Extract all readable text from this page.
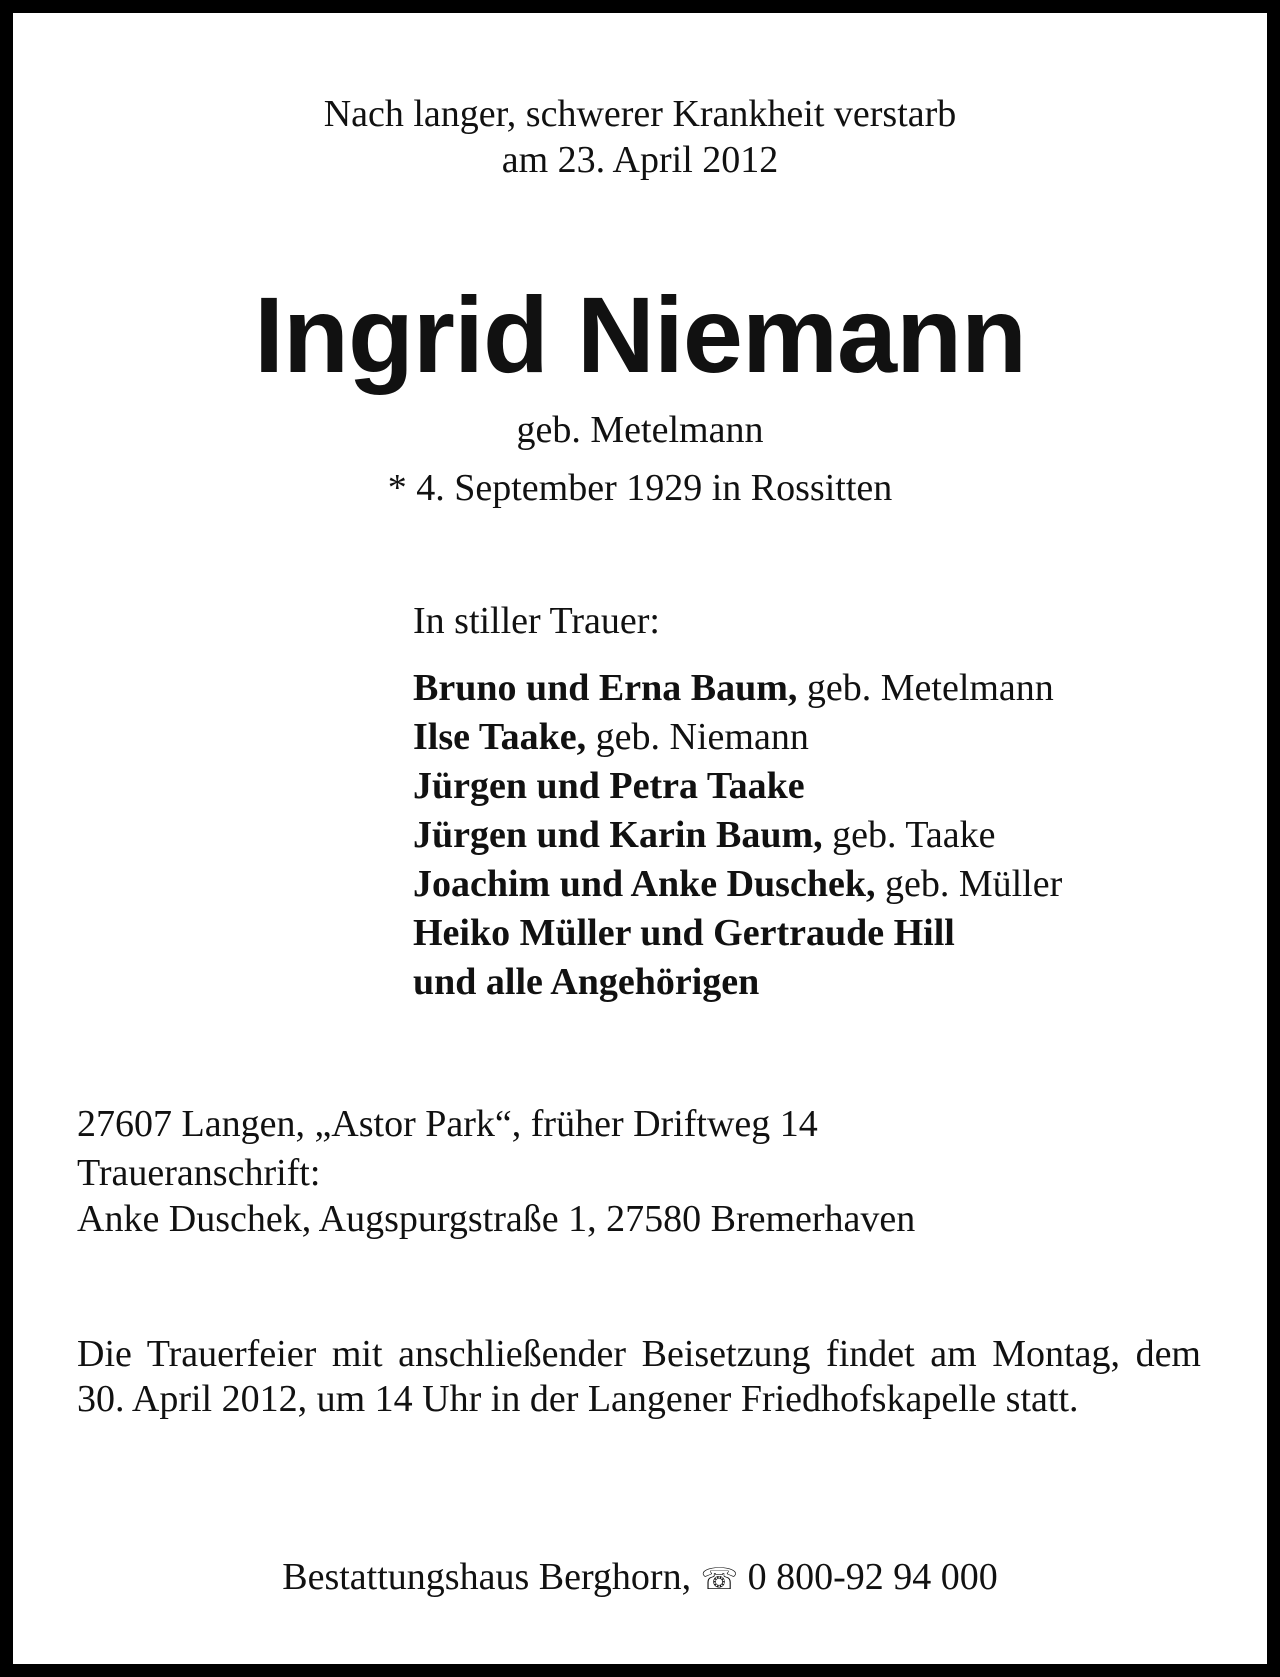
Nach langer, schwerer Krankheit verstarb
am 23. April 2012
Ingrid Niemann
geb. Metelmann
* 4. September 1929 in Rossitten
In stiller Trauer:
Bruno und Erna Baum, geb. Metelmann
Ilse Taake, geb. Niemann
Jürgen und Petra Taake
Jürgen und Karin Baum, geb. Taake
Joachim und Anke Duschek, geb. Müller
Heiko Müller und Gertraude Hill
und alle Angehörigen
27607 Langen, „Astor Park“, früher Driftweg 14
Traueranschrift:
Anke Duschek, Augspurgstraße 1, 27580 Bremerhaven
Die Trauerfeier mit anschließender Beisetzung findet am Montag, dem 30. April 2012, um 14 Uhr in der Langener Friedhofskapelle statt.
Bestattungshaus Berghorn, ☏ 0 800-92 94 000
